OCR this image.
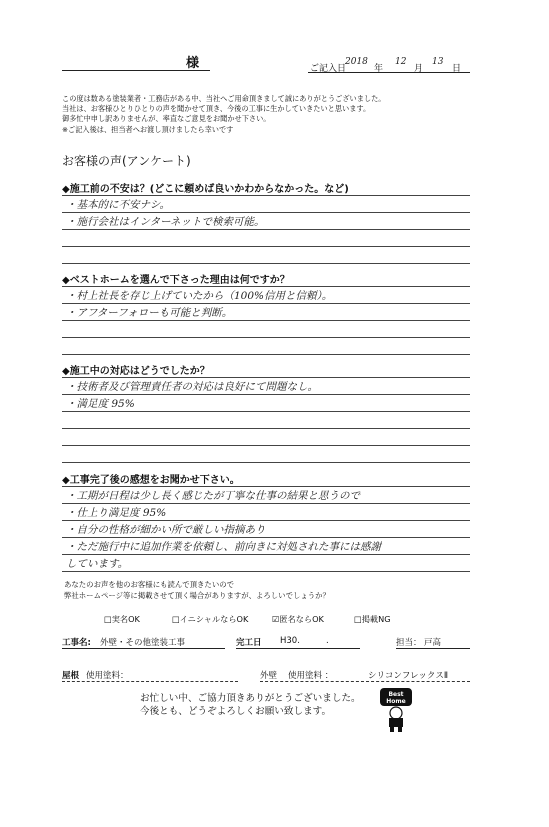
様	ご記入日
2018
年
12
月
13
日
この度は数ある塗装業者・工務店がある中、当社へご用命頂きまして誠にありがとうございました。
当社は、お客様ひとりひとりの声を聞かせて頂き、今後の工事に生かしていきたいと思います。
御多忙中申し訳ありませんが、率直なご意見をお聞かせ下さい。
※ご記入後は、担当者へお渡し頂けましたら幸いです
お客様の声(アンケート)
◆施工前の不安は？(どこに頼めば良いかわからなかった。など)
・基本的に不安ナシ。
・施行会社はインターネットで検索可能。
◆ベストホームを選んで下さった理由は何ですか？
・村上社長を存じ上げていたから（100%信用と信頼）。
・アフターフォローも可能と判断。
◆施工中の対応はどうでしたか？
・技術者及び管理責任者の対応は良好にて問題なし。
・満足度 95%
◆工事完了後の感想をお聞かせ下さい。
・工期が日程は少し長く感じたが丁寧な仕事の結果と思うので
・仕上り満足度 95%
・自分の性格が細かい所で厳しい指摘あり
・ただ施行中に追加作業を依頼し、前向きに対処された事には感謝
しています。
あなたのお声を他のお客様にも読んで頂きたいので
弊社ホームページ等に掲載させて頂く場合がありますが、よろしいでしょうか？
□実名OK	□イニシャルならOK	☑匿名ならOK	□掲載NG
工事名: 外壁・その他塗装工事	完工日 H30.	.	担当： 戸高
屋根 使用塗料：	外壁 使用塗料 ：	シリコンフレックスⅡ
お忙しい中、ご協力頂きありがとうございました。
今後とも、どうぞよろしくお願い致します。
Best
Home
